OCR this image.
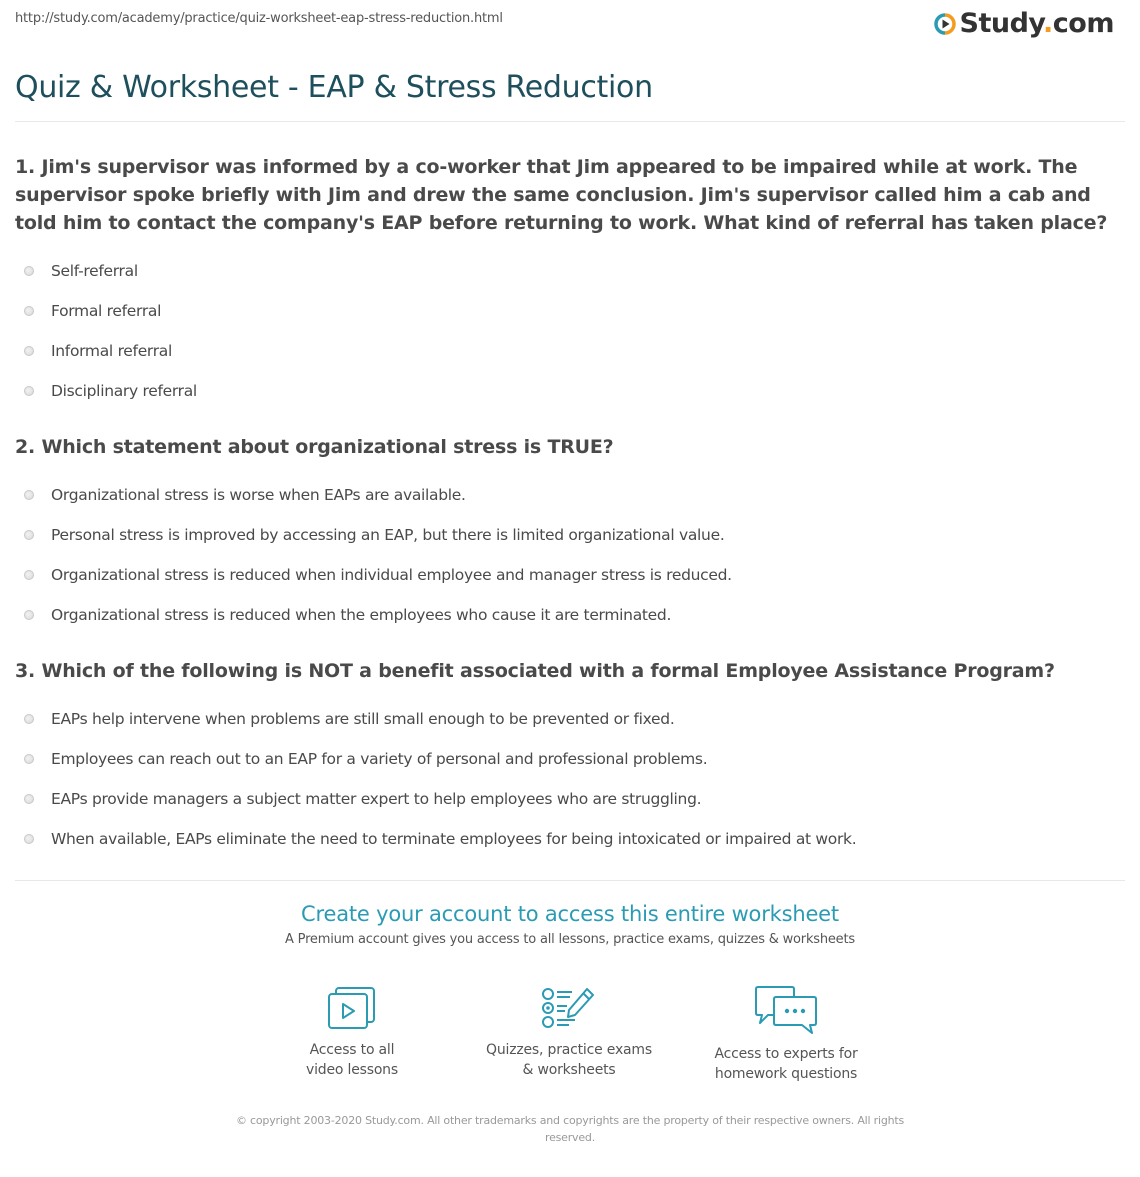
http://study.com/academy/practice/quiz-worksheet-eap-stress-reduction.html	Study.com
Quiz & Worksheet - EAP & Stress Reduction

1. Jim's supervisor was informed by a co-worker that Jim appeared to be impaired while at work. The supervisor spoke briefly with Jim and drew the same conclusion. Jim's supervisor called him a cab and told him to contact the company's EAP before returning to work. What kind of referral has taken place?

Self-referral
Formal referral
Informal referral
Disciplinary referral

2. Which statement about organizational stress is TRUE?

Organizational stress is worse when EAPs are available.
Personal stress is improved by accessing an EAP, but there is limited organizational value.
Organizational stress is reduced when individual employee and manager stress is reduced.
Organizational stress is reduced when the employees who cause it are terminated.

3. Which of the following is NOT a benefit associated with a formal Employee Assistance Program?

EAPs help intervene when problems are still small enough to be prevented or fixed.
Employees can reach out to an EAP for a variety of personal and professional problems.
EAPs provide managers a subject matter expert to help employees who are struggling.
When available, EAPs eliminate the need to terminate employees for being intoxicated or impaired at work.
Create your account to access this entire worksheet
A Premium account gives you access to all lessons, practice exams, quizzes & worksheets
Access to all
video lessons
Quizzes, practice exams
& worksheets
Access to experts for
homework questions
© copyright 2003-2020 Study.com. All other trademarks and copyrights are the property of their respective owners. All rights reserved.
